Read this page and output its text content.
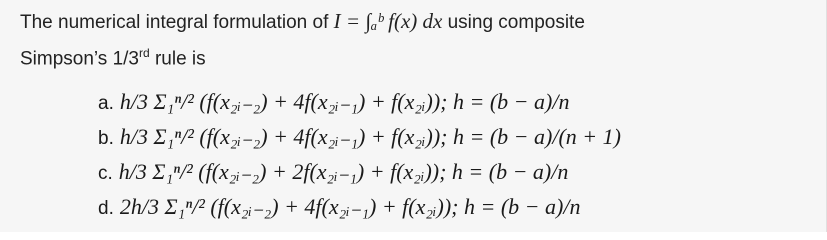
The numerical integral formulation of I = ∫ₐᵇ f(x) dx using composite
Simpson’s 1/3rd rule is
a. h/3 Σ₁ⁿ/² (f(x₂ᵢ₋₂) + 4f(x₂ᵢ₋₁) + f(x₂ᵢ)); h = (b − a)/n
b. h/3 Σ₁ⁿ/² (f(x₂ᵢ₋₂) + 4f(x₂ᵢ₋₁) + f(x₂ᵢ)); h = (b − a)/(n + 1)
c. h/3 Σ₁ⁿ/² (f(x₂ᵢ₋₂) + 2f(x₂ᵢ₋₁) + f(x₂ᵢ)); h = (b − a)/n
d. 2h/3 Σ₁ⁿ/² (f(x₂ᵢ₋₂) + 4f(x₂ᵢ₋₁) + f(x₂ᵢ)); h = (b − a)/n
